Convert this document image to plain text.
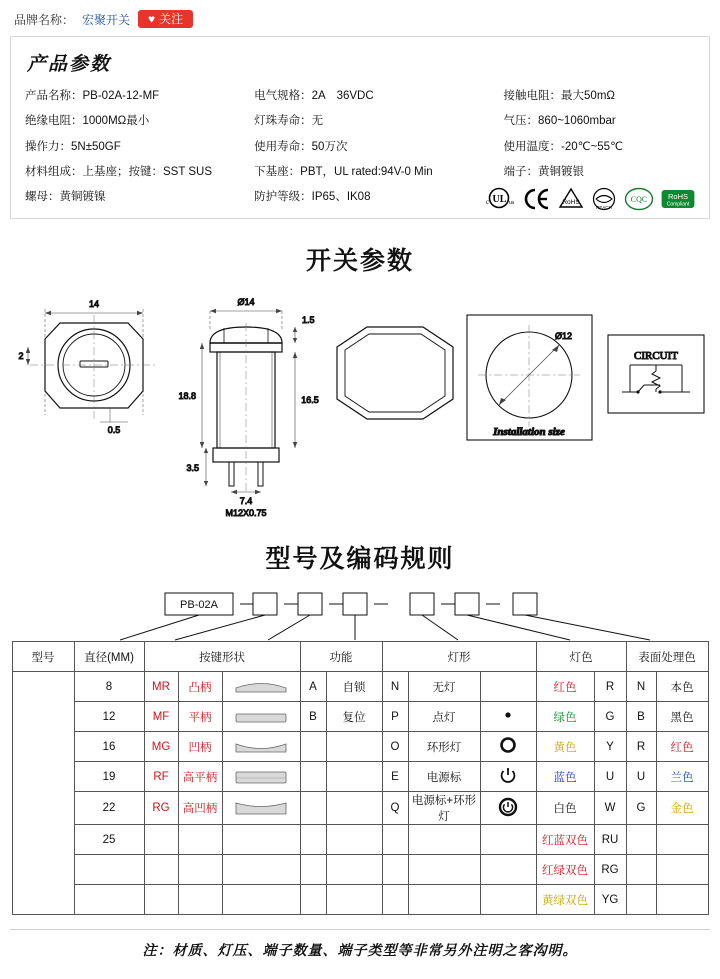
品牌名称： 宏聚开关 ♥ 关注
产品参数
产品名称：PB-02A-12-MF	电气规格：2A　36VDC	接触电阻：最大50mΩ
绝缘电阻：1000MΩ最小	灯珠寿命：无	气压：860~1060mbar
操作力：5N±50GF	使用寿命：50万次	使用温度：-20℃~55℃
材料组成：上基座；按键：SST SUS	下基座：PBT，UL rated:94V-0 Min	端子：黄铜镀银
螺母：黄铜镀镍	防护等级：IP65、IK08		c UL us	RoHS
REACH
CQC	RoHS
Compliant
开关参数
14
2
0.5
Ø14
1.5
18.8	16.5
3.5
7.4
M12X0.75
Ø12
Installation size
CIRCUIT
型号及编码规则
PB-02A
型号	直径(MM)	按键形状			功能		灯形			灯色		表面处理色	
	8	MR	凸柄		A	自锁	N	无灯		红色	R	N	本色
	12	MF	平柄		B	复位	P	点灯		绿色	G	B	黑色
	16	MG	凹柄				O	环形灯		黄色	Y	R	红色
	19	RF	高平柄				E	电源标		蓝色	U	U	兰色
	22	RG	高凹柄				Q	电源标+环形灯		白色	W	G	金色
	25									红蓝双色	RU		
										红绿双色	RG		
										黄绿双色	YG		
注：材质、灯压、端子数量、端子类型等非常另外注明之客沟明。
